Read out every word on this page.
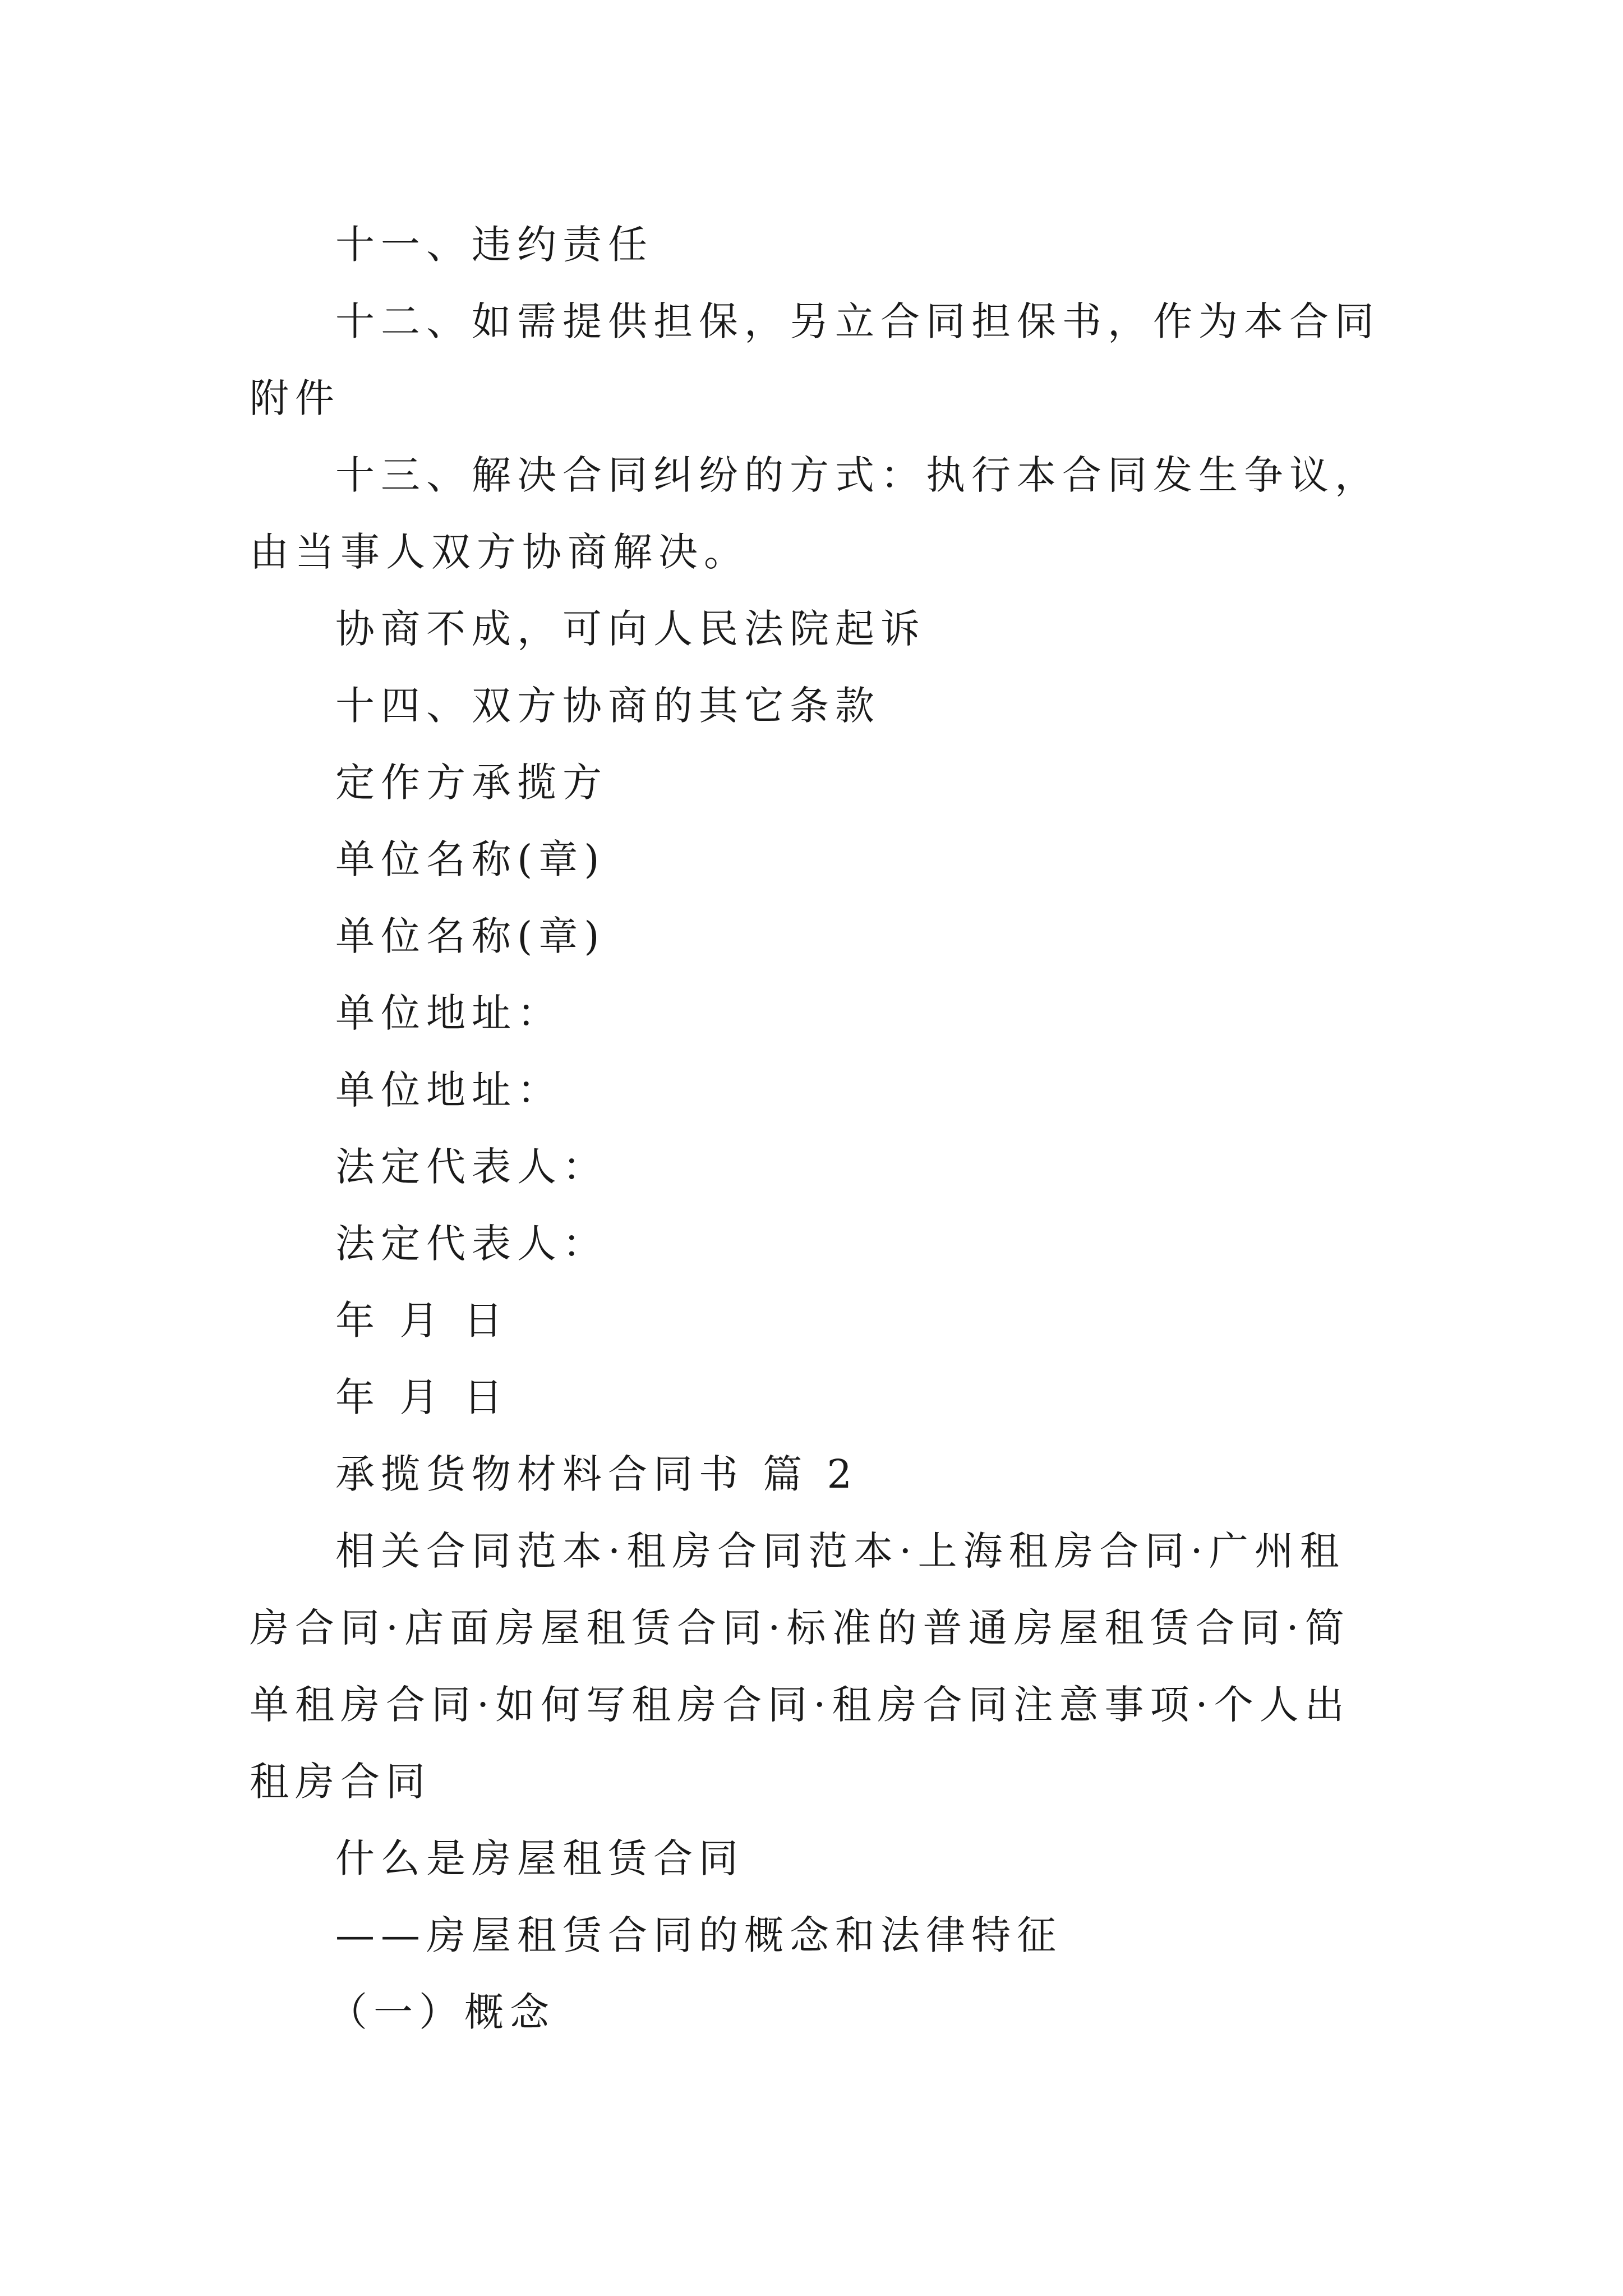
十一、违约责任

十二、如需提供担保，另立合同担保书，作为本合同附件

十三、解决合同纠纷的方式：执行本合同发生争议，由当事人双方协商解决。

协商不成，可向人民法院起诉

十四、双方协商的其它条款

定作方承揽方

单位名称(章)

单位名称(章)

单位地址：

单位地址：

法定代表人：

法定代表人：

年 月 日

年 月 日

承揽货物材料合同书 篇 2

相关合同范本·租房合同范本·上海租房合同·广州租房合同·店面房屋租赁合同·标准的普通房屋租赁合同·简单租房合同·如何写租房合同·租房合同注意事项·个人出租房合同

什么是房屋租赁合同

——房屋租赁合同的概念和法律特征

（一）概念
